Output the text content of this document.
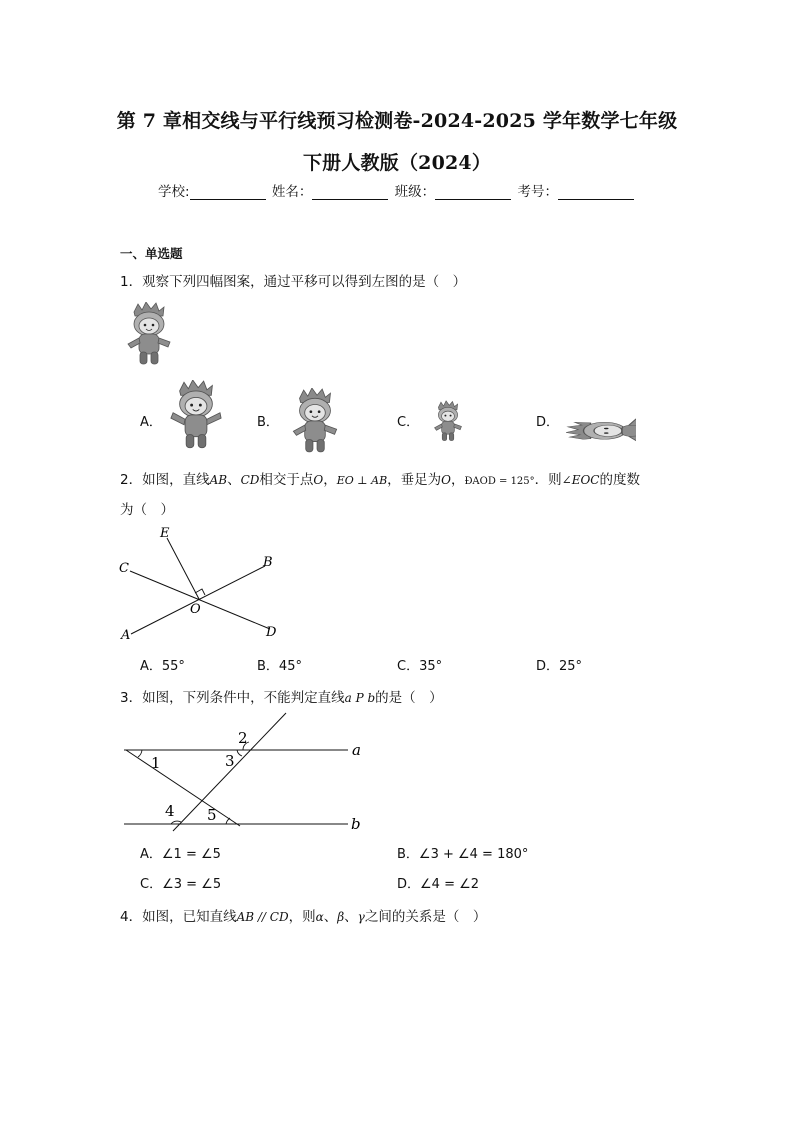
第 7 章相交线与平行线预习检测卷-2024-2025 学年数学七年级
下册人教版（2024）
学校:	姓名：	班级：	考号：
一、单选题
1．观察下列四幅图案，通过平移可以得到左图的是（　）
A．	B．	C．	D．
2．如图，直线AB、CD相交于点O，EO ⊥ AB，垂足为O，ÐAOD = 125°．则∠EOC的度数
为（　）
E
B
C
O
A	D
A．55°	B．45°	C．35°	D．25°
3．如图，下列条件中，不能判定直线a P b的是（　）
2
3
1
4 5
a
b
A．∠1 = ∠5	B．∠3 + ∠4 = 180°
C．∠3 = ∠5	D．∠4 = ∠2
4．如图，已知直线AB // CD，则α、β、γ之间的关系是（　）
